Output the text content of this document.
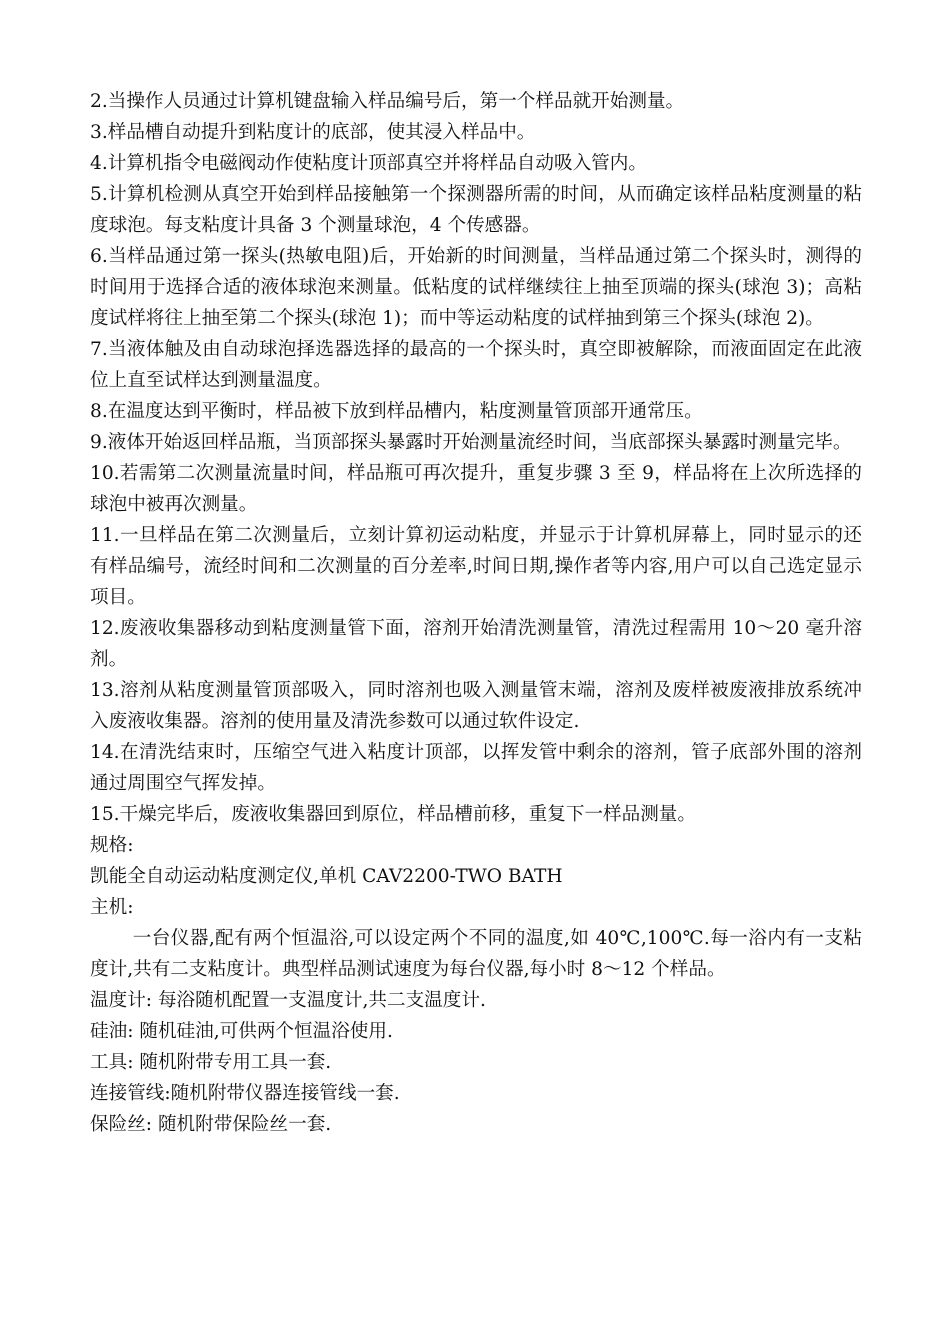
2.当操作人员通过计算机键盘输入样品编号后，第一个样品就开始测量。

3.样品槽自动提升到粘度计的底部，使其浸入样品中。

4.计算机指令电磁阀动作使粘度计顶部真空并将样品自动吸入管内。

5.计算机检测从真空开始到样品接触第一个探测器所需的时间，从而确定该样品粘度测量的粘度球泡。每支粘度计具备 3 个测量球泡，4 个传感器。

6.当样品通过第一探头(热敏电阻)后，开始新的时间测量，当样品通过第二个探头时，测得的时间用于选择合适的液体球泡来测量。低粘度的试样继续往上抽至顶端的探头(球泡 3)；高粘度试样将往上抽至第二个探头(球泡 1)；而中等运动粘度的试样抽到第三个探头(球泡 2)。

7.当液体触及由自动球泡择选器选择的最高的一个探头时，真空即被解除，而液面固定在此液位上直至试样达到测量温度。

8.在温度达到平衡时，样品被下放到样品槽内，粘度测量管顶部开通常压。

9.液体开始返回样品瓶，当顶部探头暴露时开始测量流经时间，当底部探头暴露时测量完毕。

10.若需第二次测量流量时间，样品瓶可再次提升，重复步骤 3 至 9，样品将在上次所选择的球泡中被再次测量。

11.一旦样品在第二次测量后，立刻计算初运动粘度，并显示于计算机屏幕上，同时显示的还有样品编号，流经时间和二次测量的百分差率,时间日期,操作者等内容,用户可以自己选定显示项目。

12.废液收集器移动到粘度测量管下面，溶剂开始清洗测量管，清洗过程需用 10～20 毫升溶剂。

13.溶剂从粘度测量管顶部吸入，同时溶剂也吸入测量管末端，溶剂及废样被废液排放系统冲入废液收集器。溶剂的使用量及清洗参数可以通过软件设定.

14.在清洗结束时，压缩空气进入粘度计顶部，以挥发管中剩余的溶剂，管子底部外围的溶剂通过周围空气挥发掉。

15.干燥完毕后，废液收集器回到原位，样品槽前移，重复下一样品测量。

规格:

凯能全自动运动粘度测定仪,单机 CAV2200-TWO BATH

主机:

一台仪器,配有两个恒温浴,可以设定两个不同的温度,如 40℃,100℃.每一浴内有一支粘度计,共有二支粘度计。典型样品测试速度为每台仪器,每小时 8～12 个样品。

温度计: 每浴随机配置一支温度计,共二支温度计.

硅油: 随机硅油,可供两个恒温浴使用.

工具: 随机附带专用工具一套.

连接管线:随机附带仪器连接管线一套.

保险丝: 随机附带保险丝一套.
